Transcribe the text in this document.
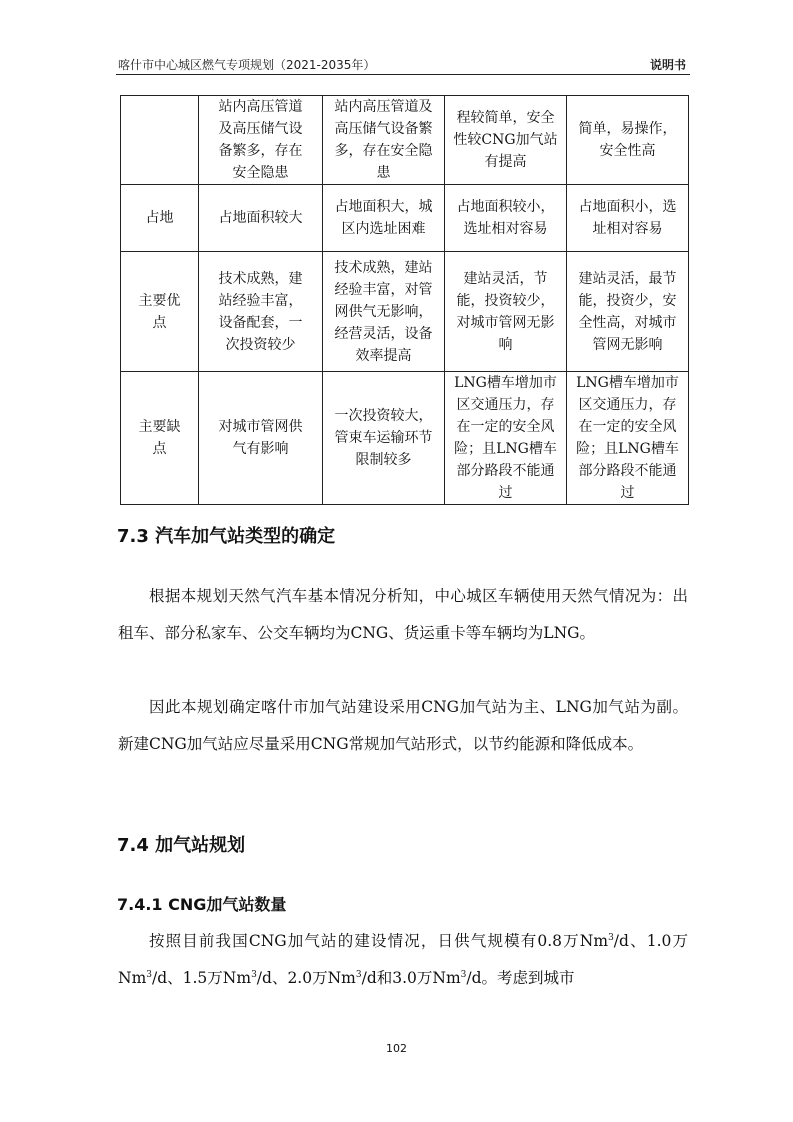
喀什市中心城区燃气专项规划（2021-2035年）	说明书
	站内高压管道及高压储气设备繁多，存在安全隐患	站内高压管道及高压储气设备繁多，存在安全隐患	程较简单，安全性较CNG加气站有提高	简单，易操作，安全性高
占地	占地面积较大	占地面积大，城区内选址困难	占地面积较小，选址相对容易	占地面积小，选址相对容易
主要优点	技术成熟，建站经验丰富，设备配套，一次投资较少	技术成熟，建站经验丰富，对管网供气无影响，经营灵活，设备效率提高	建站灵活，节能，投资较少，对城市管网无影响	建站灵活，最节能，投资少，安全性高，对城市管网无影响
主要缺点	对城市管网供气有影响	一次投资较大，管束车运输环节限制较多	LNG槽车增加市区交通压力，存在一定的安全风险；且LNG槽车部分路段不能通过	LNG槽车增加市区交通压力，存在一定的安全风险；且LNG槽车部分路段不能通过
7.3 汽车加气站类型的确定

根据本规划天然气汽车基本情况分析知，中心城区车辆使用天然气情况为：出租车、部分私家车、公交车辆均为CNG、货运重卡等车辆均为LNG。

因此本规划确定喀什市加气站建设采用CNG加气站为主、LNG加气站为副。新建CNG加气站应尽量采用CNG常规加气站形式，以节约能源和降低成本。

7.4 加气站规划
7.4.1 CNG加气站数量

按照目前我国CNG加气站的建设情况，日供气规模有0.8万Nm$^3$/d、1.0万Nm$^3$/d、1.5万Nm$^3$/d、2.0万Nm$^3$/d和3.0万Nm$^3$/d。考虑到城市

102
